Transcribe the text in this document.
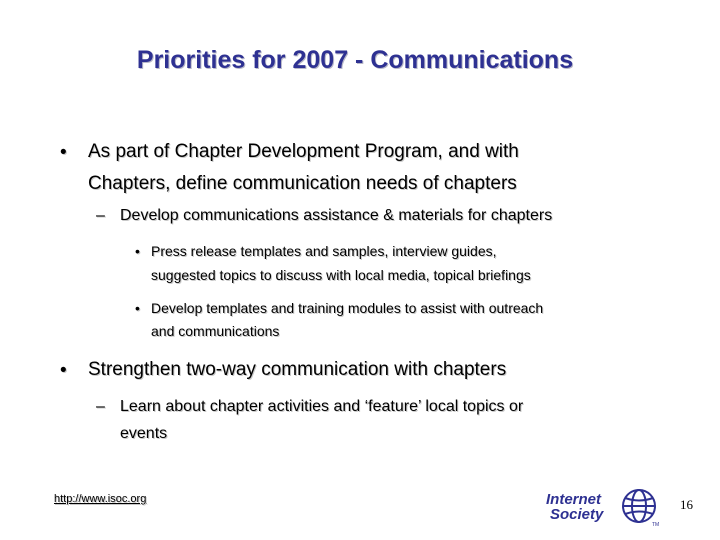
Priorities for 2007 - Communications
• As part of Chapter Development Program, and with
Chapters, define communication needs of chapters
– Develop communications assistance & materials for chapters
• Press release templates and samples, interview guides,
suggested topics to discuss with local media, topical briefings
• Develop templates and training modules to assist with outreach
and communications
• Strengthen two-way communication with chapters
– Learn about chapter activities and ‘feature’ local topics or
events
http://www.isoc.org	Internet
Society
TM
16
